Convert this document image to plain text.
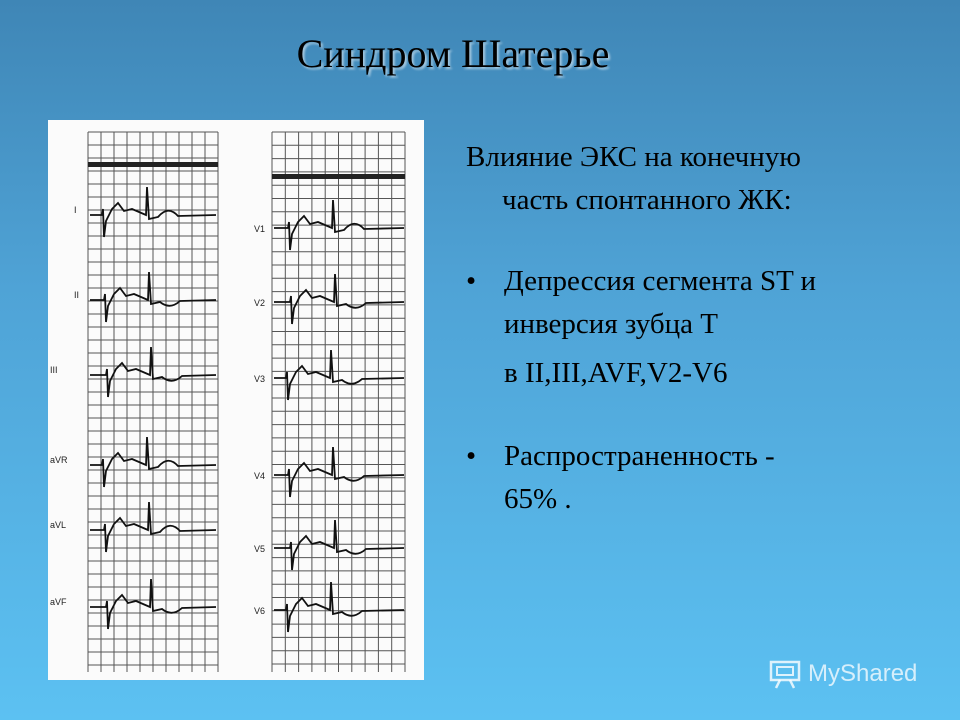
Синдром Шатерье
I
II
III
aVR
aVL
aVF
V1
V2
V3
V4
V5
V6

Влияние ЭКС на конечную
часть спонтанного ЖК:

• Депрессия сегмента ST и
инверсия зубца T
в II,III,AVF,V2-V6
• Распространенность -
65% .
MyShared
